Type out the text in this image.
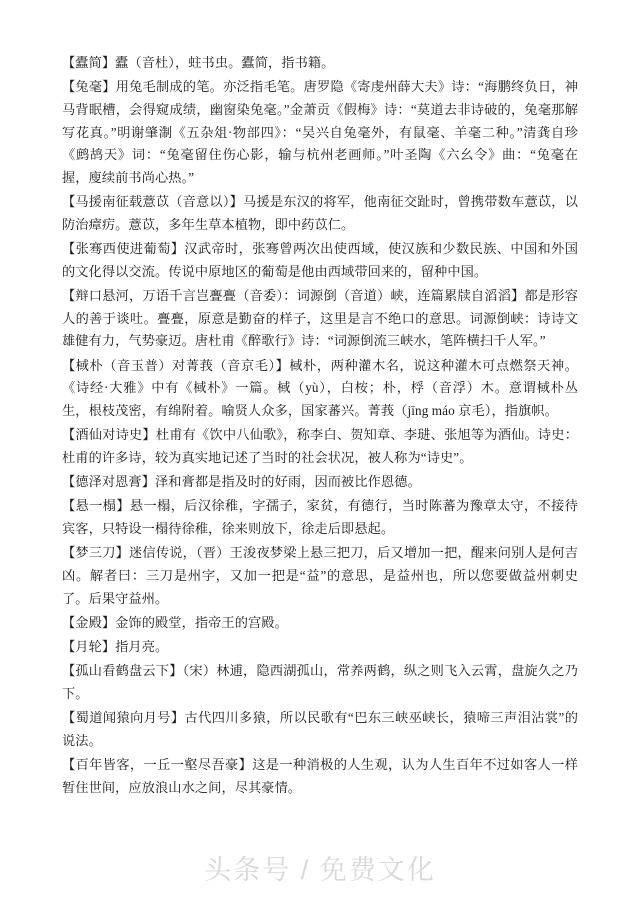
【蠹简】蠹（音杜），蛀书虫。蠹简，指书籍。

【兔毫】用兔毛制成的笔。亦泛指毛笔。唐罗隐《寄虔州薛大夫》诗：“海鹏终负日，神马背眠槽，会得窥成绩，幽窗染兔毫。”金萧贡《假梅》诗：“莫道去非诗破的，兔毫那解写花真。”明谢肇淛《五杂俎·物部四》：“吴兴自兔毫外，有鼠毫、羊毫二种。”清龚自珍《鹧鸪天》词：“兔毫留住伤心影，输与杭州老画师。”叶圣陶《六幺令》曲：“兔毫在握，廋续前书尚心热。”

【马援南征载薏苡（音意以）】马援是东汉的将军，他南征交趾时，曾携带数车薏苡，以防治瘴疠。薏苡，多年生草本植物，即中药苡仁。

【张骞西使进葡萄】汉武帝时，张骞曾两次出使西域，使汉族和少数民族、中国和外国的文化得以交流。传说中原地区的葡萄是他由西域带回来的，留种中国。

【辩口悬河，万语千言岂亹亹（音委）：词源倒（音道）峡，连篇累牍自滔滔】都是形容人的善于谈吐。亹亹，原意是勤奋的样子，这里是言不绝口的意思。词源倒峡：诗诗文雄健有力，气势豪迈。唐杜甫《醉歌行》诗：“词源倒流三峡水，笔阵横扫千人军。”

【棫朴（音玉普）对菁莪（音京毛）】棫朴，两种灌木名，说这种灌木可点燃祭天神。《诗经·大雅》中有《棫朴》一篇。棫（yù），白桉；朴，桴（音浮）木。意谓棫朴丛生，根枝茂密，有绵附着。喻贤人众多，国家蕃兴。菁莪（jīng máo 京毛），指旗帜。

【酒仙对诗史】杜甫有《饮中八仙歌》，称李白、贺知章、李琎、张旭等为酒仙。诗史：杜甫的许多诗，较为真实地记述了当时的社会状况，被人称为“诗史”。

【德泽对恩膏】泽和膏都是指及时的好雨，因而被比作恩德。

【悬一榻】悬一榻，后汉徐稚，字孺子，家贫，有德行，当时陈蕃为豫章太守，不接待宾客，只特设一榻待徐稚，徐来则放下，徐走后即悬起。

【梦三刀】迷信传说，（晋）王浚夜梦梁上悬三把刀，后又增加一把，醒来问别人是何吉凶。解者曰：三刀是州字，又加一把是“益”的意思，是益州也，所以您要做益州刺史了。后果守益州。

【金殿】金饰的殿堂，指帝王的宫殿。

【月轮】指月亮。

【孤山看鹤盘云下】（宋）林逋，隐西湖孤山，常养两鹤，纵之则飞入云霄，盘旋久之乃下。

【蜀道闻猿向月号】古代四川多猿，所以民歌有“巴东三峡巫峡长，猿啼三声泪沾裳”的说法。

【百年皆客，一丘一壑尽吾豪】这是一种消极的人生观，认为人生百年不过如客人一样暂住世间，应放浪山水之间，尽其豪情。

头条号 / 免费文化
